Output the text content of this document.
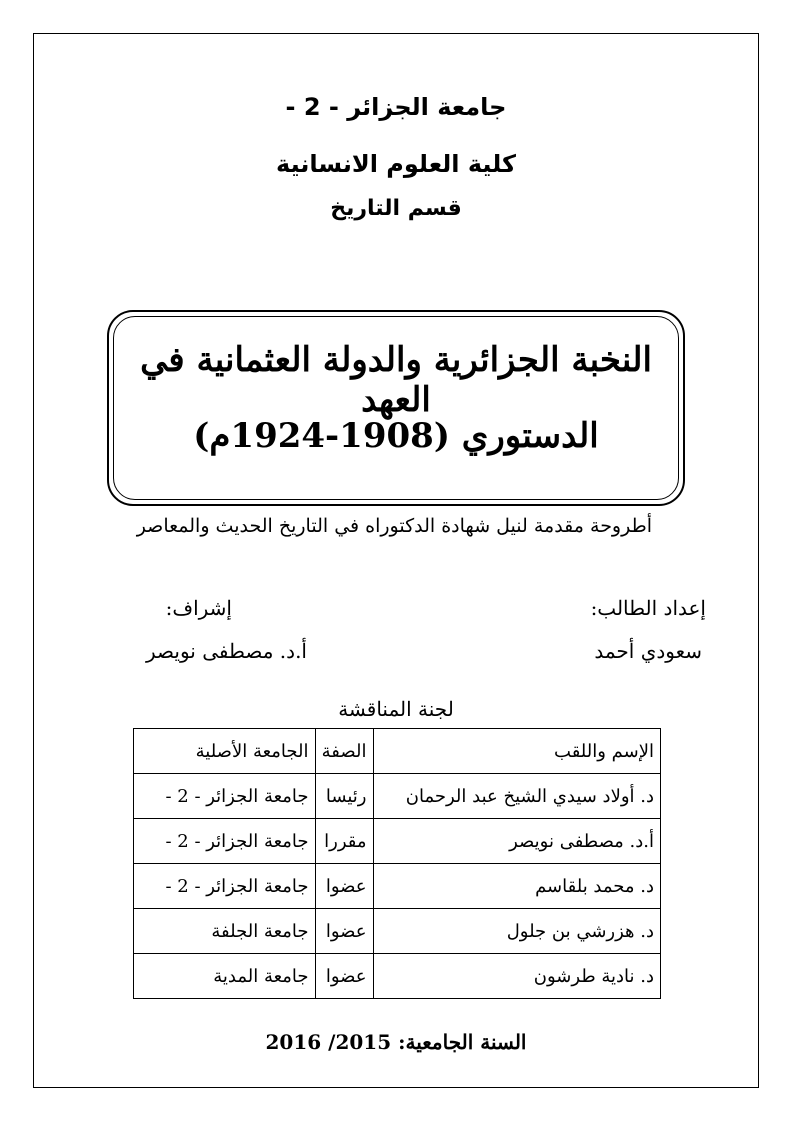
جامعة الجزائر - 2 -
كلية العلوم الانسانية
قسم التاريخ
النخبة الجزائرية والدولة العثمانية في العهد
الدستوري (1908-1924م)
أطروحة مقدمة لنيل شهادة الدكتوراه في التاريخ الحديث والمعاصر
إعداد الطالب:
سعودي أحمد
إشراف:
أ.د. مصطفى نويصر
لجنة المناقشة
الإسم واللقب	الصفة	الجامعة الأصلية
د. أولاد سيدي الشيخ عبد الرحمان	رئيسا	جامعة الجزائر - 2 -
أ.د. مصطفى نويصر	مقررا	جامعة الجزائر - 2 -
د. محمد بلقاسم	عضوا	جامعة الجزائر - 2 -
د. هزرشي بن جلول	عضوا	جامعة الجلفة
د. نادية طرشون	عضوا	جامعة المدية
السنة الجامعية: 2015/ 2016
